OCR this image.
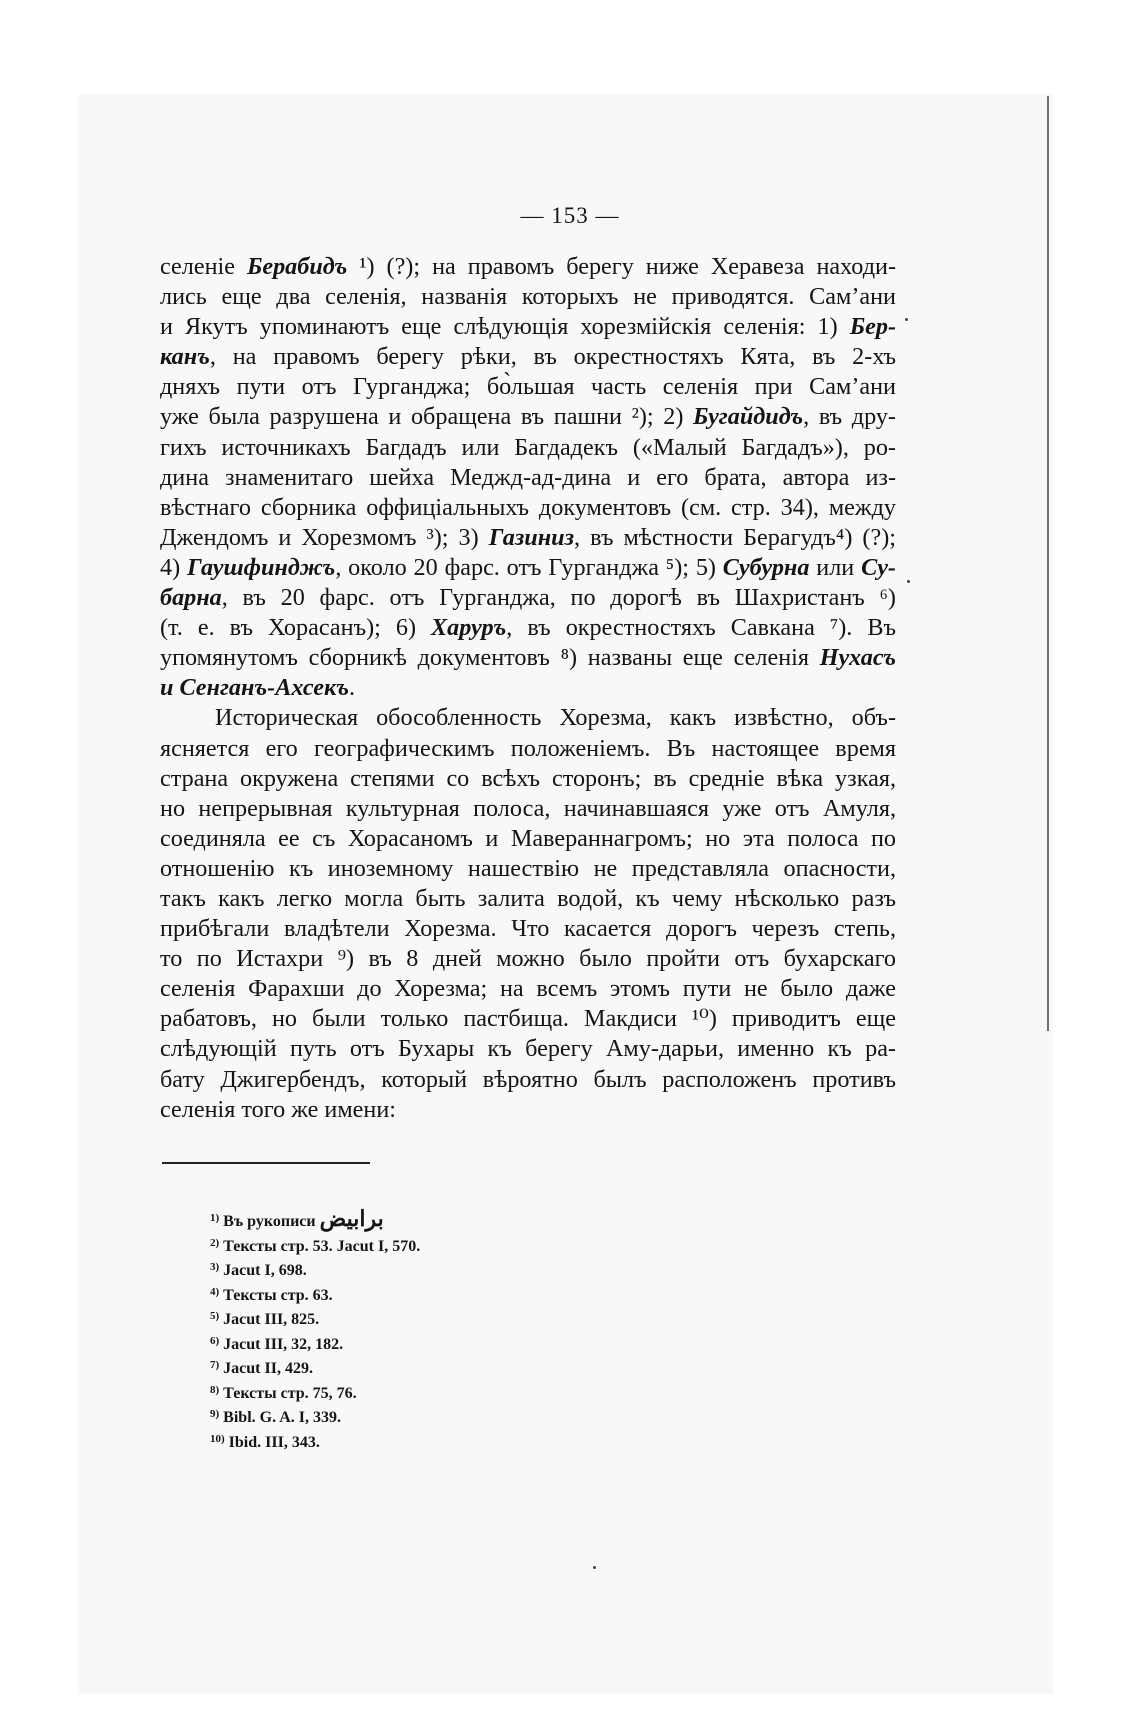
— 153 —
селеніе Берабидъ ¹) (?); на правомъ берегу ниже Херавеза находи-
лись еще два селенія, названія которыхъ не приводятся. Сам’ани
и Якутъ упоминаютъ еще слѣдующія хорезмійскія селенія: 1) Бер-
канъ, на правомъ берегу рѣки, въ окрестностяхъ Кята, въ 2-хъ
дняхъ пути отъ Гурганджа; бо̀льшая часть селенія при Сам’ани
уже была разрушена и обращена въ пашни ²); 2) Бугайдидъ, въ дру-
гихъ источникахъ Багдадъ или Багдадекъ («Малый Багдадъ»), ро-
дина знаменитаго шейха Меджд-ад-дина и его брата, автора из-
вѣстнаго сборника оффиціальныхъ документовъ (см. стр. 34), между
Джендомъ и Хорезмомъ ³); 3) Газиниз, въ мѣстности Берагудъ⁴) (?);
4) Гаушфинджъ, около 20 фарс. отъ Гурганджа ⁵); 5) Субурна или Су-
барна, въ 20 фарс. отъ Гурганджа, по дорогѣ въ Шахристанъ ⁶)
(т. е. въ Хорасанъ); 6) Харуръ, въ окрестностяхъ Савкана ⁷). Въ
упомянутомъ сборникѣ документовъ ⁸) названы еще селенія Нухасъ
и Сенганъ-Ахсекъ.
Историческая обособленность Хорезма, какъ извѣстно, объ-
ясняется его географическимъ положеніемъ. Въ настоящее время
страна окружена степями со всѣхъ сторонъ; въ средніе вѣка узкая,
но непрерывная культурная полоса, начинавшаяся уже отъ Амуля,
соединяла ее съ Хорасаномъ и Мавераннагромъ; но эта полоса по
отношенію къ иноземному нашествію не представляла опасности,
такъ какъ легко могла быть залита водой, къ чему нѣсколько разъ
прибѣгали владѣтели Хорезма. Что касается дорогъ черезъ степь,
то по Истахри ⁹) въ 8 дней можно было пройти отъ бухарскаго
селенія Фарахши до Хорезма; на всемъ этомъ пути не было даже
рабатовъ, но были только пастбища. Макдиси ¹⁰) приводитъ еще
слѣдующій путь отъ Бухары къ берегу Аму-дарьи, именно къ ра-
бату Джигербендъ, который вѣроятно былъ расположенъ противъ
селенія того же имени:
$^{1)}$ Въ рукописи برابيض
$^{2)}$ Тексты стр. 53. Jacut I, 570.
$^{3)}$ Jacut I, 698.
$^{4)}$ Тексты стр. 63.
$^{5)}$ Jacut III, 825.
$^{6)}$ Jacut III, 32, 182.
$^{7)}$ Jacut II, 429.
$^{8)}$ Тексты стр. 75, 76.
$^{9)}$ Bibl. G. A. I, 339.
$^{10)}$ Ibid. III, 343.
